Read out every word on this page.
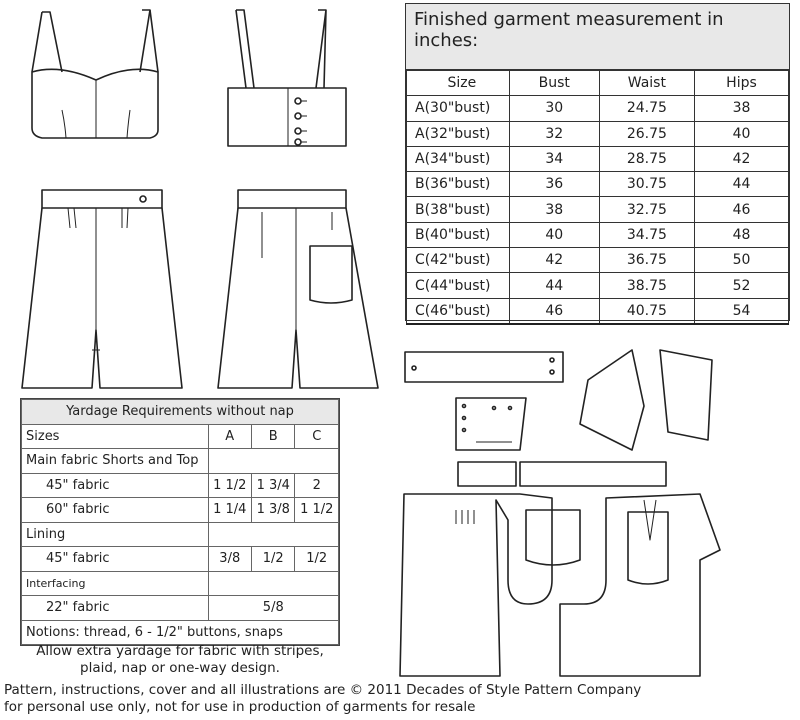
Finished garment measurement in inches:
Size	Bust	Waist	Hips
A(30"bust)	30	24.75	38
A(32"bust)	32	26.75	40
A(34"bust)	34	28.75	42
B(36"bust)	36	30.75	44
B(38"bust)	38	32.75	46
B(40"bust)	40	34.75	48
C(42"bust)	42	36.75	50
C(44"bust)	44	38.75	52
C(46"bust)	46	40.75	54
Yardage Requirements without nap			
Sizes	A	B	C
Main fabric Shorts and Top			
45" fabric	1 1/2	1 3/4	2
60" fabric	1 1/4	1 3/8	1 1/2
Lining			
45" fabric	3/8	1/2	1/2
Interfacing			
22" fabric	5/8		
Notions: thread, 6 - 1/2" buttons, snaps			
Allow extra yardage for fabric with stripes,
plaid, nap or one-way design.
Pattern, instructions, cover and all illustrations are © 2011 Decades of Style Pattern Company
for personal use only, not for use in production of garments for resale
